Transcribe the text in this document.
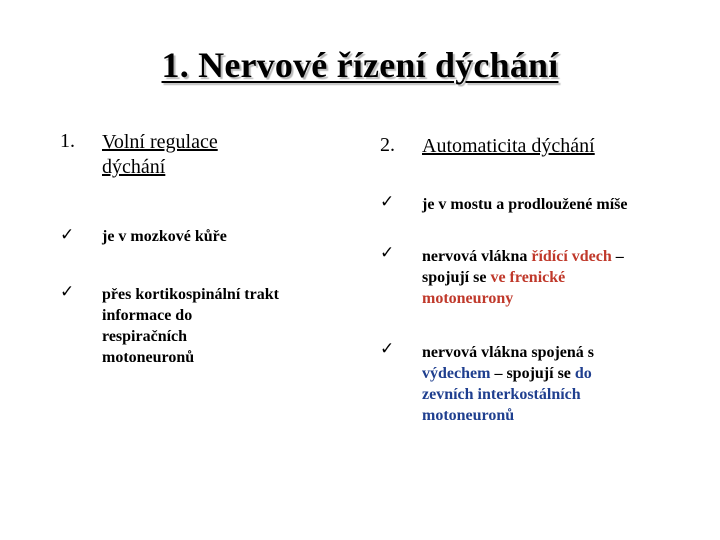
1. Nervové řízení dýchání
1. Volní regulace
dýchání
✓ je v mozkové kůře
✓ přes kortikospinální trakt
informace do
respiračních
motoneuronů
2. Automaticita dýchání
✓ je v mostu a prodloužené míše
✓ nervová vlákna řídící vdech –
spojují se ve frenické
motoneurony
✓ nervová vlákna spojená s
výdechem – spojují se do
zevních interkostálních
motoneuronů
